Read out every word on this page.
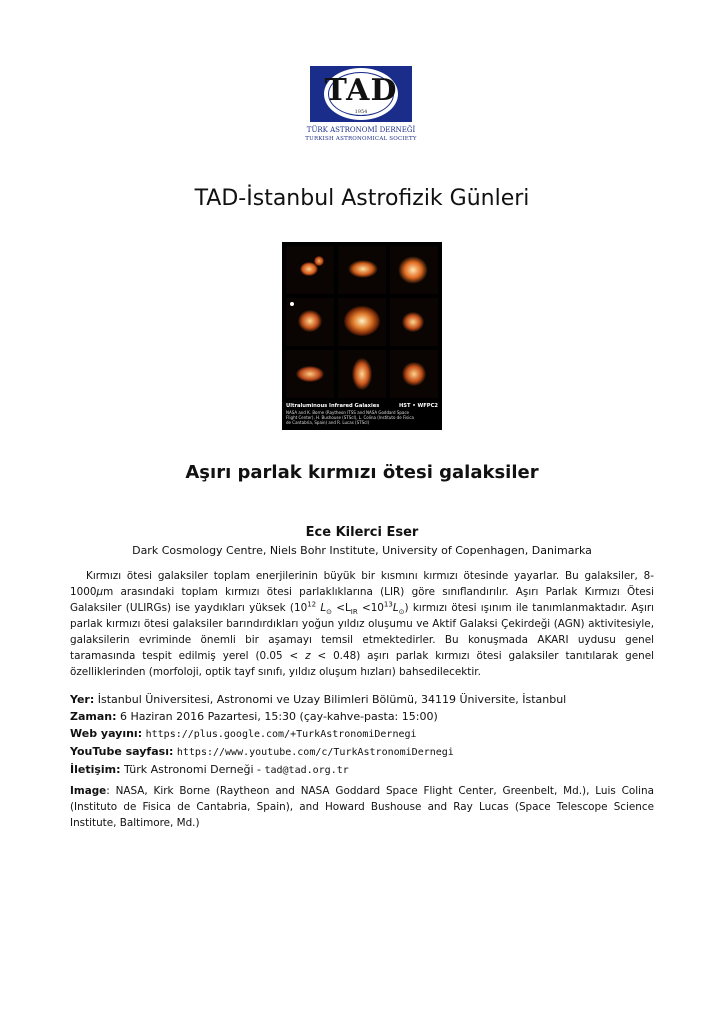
TAD
1954
TÜRK ASTRONOMİ DERNEĞİ
TURKISH ASTRONOMICAL SOCIETY
TAD-İstanbul Astrofizik Günleri
Ultraluminous Infrared Galaxies	HST • WFPC2
NASA and K. Borne (Raytheon ITSS and NASA Goddard Space Flight Center), H. Bushouse (STScI), L. Colina (Instituto de Fisica de Cantabria, Spain) and R. Lucas (STScI)
Aşırı parlak kırmızı ötesi galaksiler
Ece Kilerci Eser
Dark Cosmology Centre, Niels Bohr Institute, University of Copenhagen, Danimarka
Kırmızı ötesi galaksiler toplam enerjilerinin büyük bir kısmını kırmızı ötesinde yayarlar. Bu galaksiler, 8-1000μm arasındaki toplam kırmızı ötesi parlaklıklarına (LIR) göre sınıflandırılır. Aşırı Parlak Kırmızı Ötesi Galaksiler (ULIRGs) ise yaydıkları yüksek ($10^{12}$ $L_⊙ <L_{IR} <10^{13}L_⊙$) kırmızı ötesi ışınım ile tanımlanmaktadır. Aşırı parlak kırmızı ötesi galaksiler barındırdıkları yoğun yıldız oluşumu ve Aktif Galaksi Çekirdeği (AGN) aktivitesiyle, galaksilerin evriminde önemli bir aşamayı temsil etmektedirler. Bu konuşmada AKARI uydusu genel taramasında tespit edilmiş yerel (0.05 < z < 0.48) aşırı parlak kırmızı ötesi galaksiler tanıtılarak genel özelliklerinden (morfoloji, optik tayf sınıfı, yıldız oluşum hızları) bahsedilecektir.
Yer: İstanbul Üniversitesi, Astronomi ve Uzay Bilimleri Bölümü, 34119 Üniversite, İstanbul
Zaman: 6 Haziran 2016 Pazartesi, 15:30 (çay-kahve-pasta: 15:00)
Web yayını: https://plus.google.com/+TurkAstronomiDernegi
YouTube sayfası: https://www.youtube.com/c/TurkAstronomiDernegi
İletişim: Türk Astronomi Derneği - tad@tad.org.tr
Image: NASA, Kirk Borne (Raytheon and NASA Goddard Space Flight Center, Greenbelt, Md.), Luis Colina (Instituto de Fisica de Cantabria, Spain), and Howard Bushouse and Ray Lucas (Space Telescope Science Institute, Baltimore, Md.)
